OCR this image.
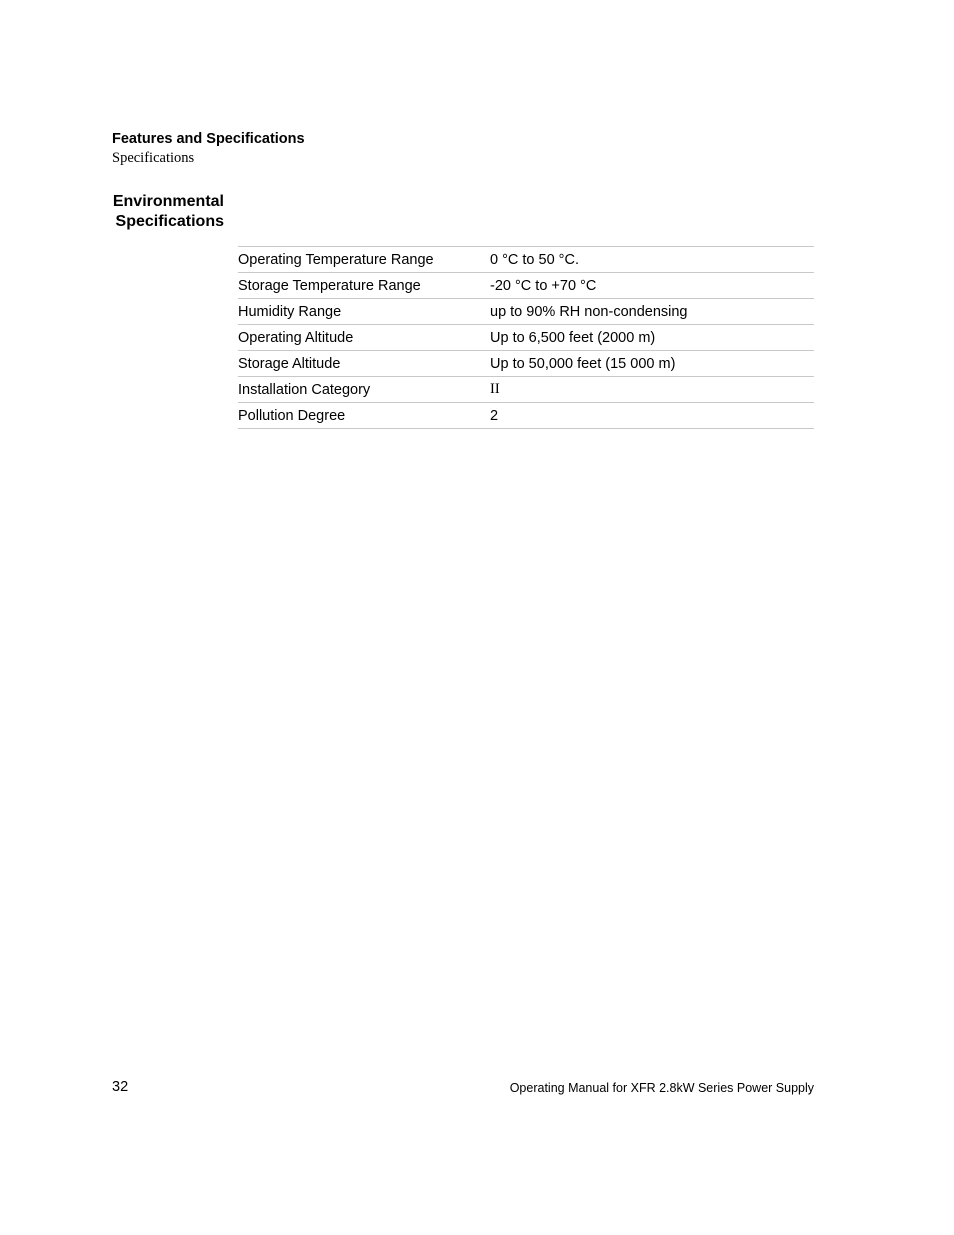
Features and Specifications
Specifications
Environmental
Specifications
Operating Temperature Range	0 °C to 50 °C.
Storage Temperature Range	-20 °C to +70 °C
Humidity Range	up to 90% RH non-condensing
Operating Altitude	Up to 6,500 feet (2000 m)
Storage Altitude	Up to 50,000 feet (15 000 m)
Installation Category	II
Pollution Degree	2
32	Operating Manual for XFR 2.8kW Series Power Supply
